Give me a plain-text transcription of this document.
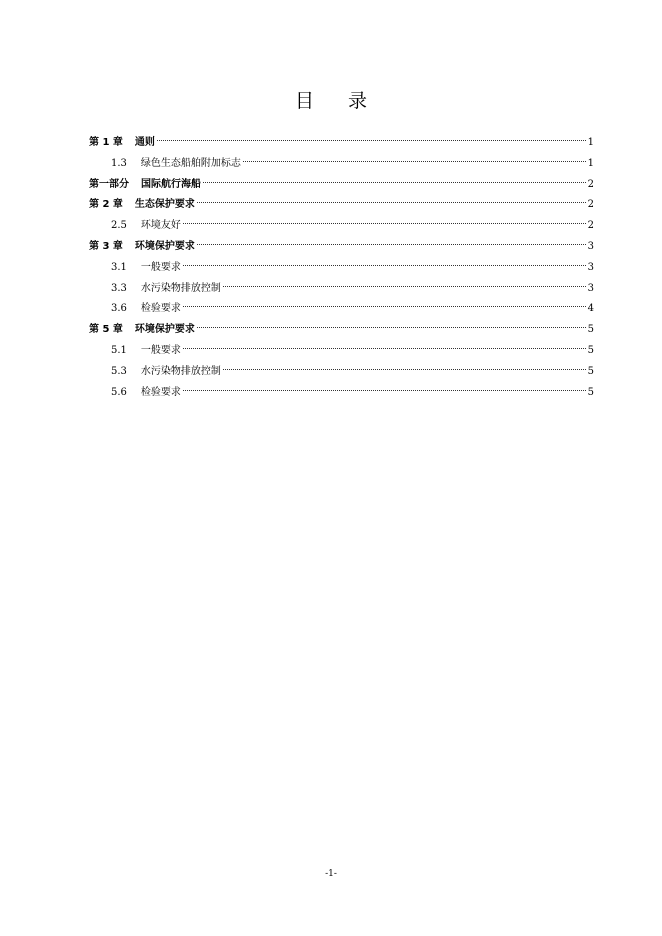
目 录
第 1 章 通则	1
1.3 绿色生态船舶附加标志	1
第一部分 国际航行海船	2
第 2 章 生态保护要求	2
2.5 环境友好	2
第 3 章 环境保护要求	3
3.1 一般要求	3
3.3 水污染物排放控制	3
3.6 检验要求	4
第 5 章 环境保护要求	5
5.1 一般要求	5
5.3 水污染物排放控制	5
5.6 检验要求	5
-1-
